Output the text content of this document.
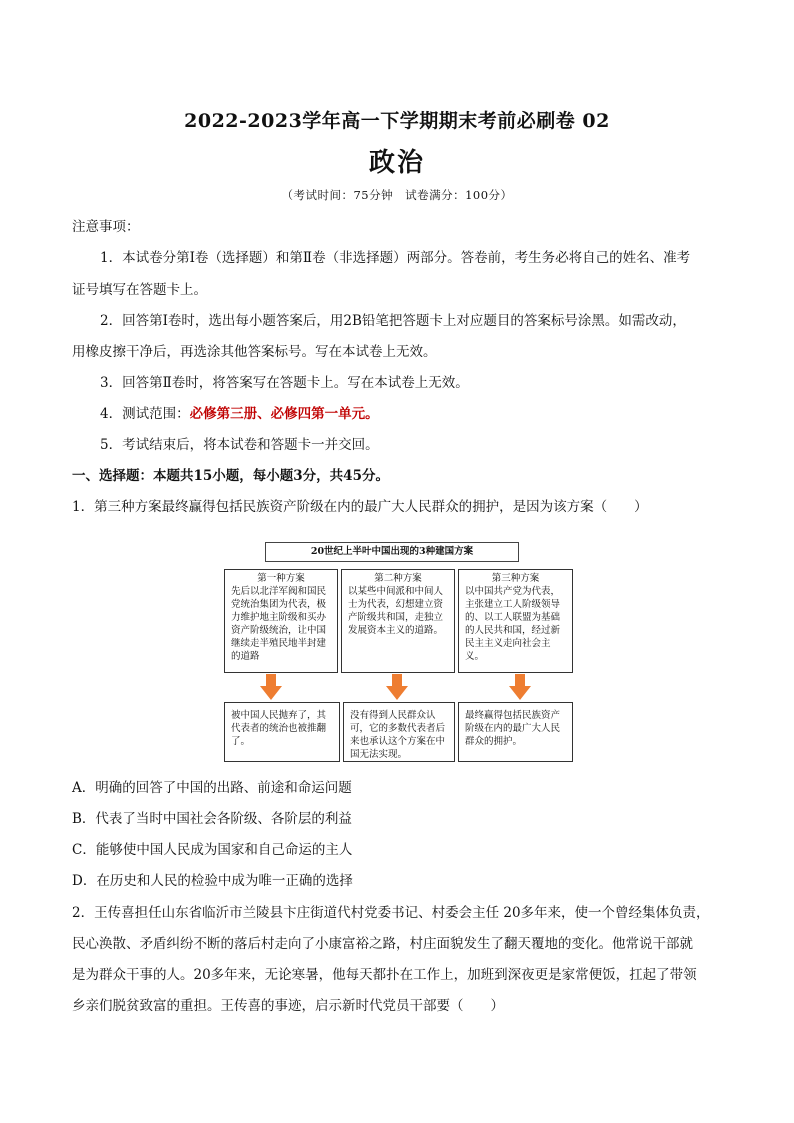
2022-2023学年高一下学期期末考前必刷卷 02
政治
（考试时间：75分钟　试卷满分：100分）
注意事项：
1．本试卷分第Ⅰ卷（选择题）和第Ⅱ卷（非选择题）两部分。答卷前，考生务必将自己的姓名、准考
证号填写在答题卡上。
2．回答第Ⅰ卷时，选出每小题答案后，用2B铅笔把答题卡上对应题目的答案标号涂黑。如需改动，
用橡皮擦干净后，再选涂其他答案标号。写在本试卷上无效。
3．回答第Ⅱ卷时，将答案写在答题卡上。写在本试卷上无效。
4．测试范围：必修第三册、必修四第一单元。
5．考试结束后，将本试卷和答题卡一并交回。
一、选择题：本题共15小题，每小题3分，共45分。
1．第三种方案最终赢得包括民族资产阶级在内的最广大人民群众的拥护，是因为该方案（　　）
20世纪上半叶中国出现的3种建国方案
第一种方案
先后以北洋军阀和国民党统治集团为代表，极力维护地主阶级和买办资产阶级统治，让中国继续走半殖民地半封建的道路
第二种方案
以某些中间派和中间人士为代表，幻想建立资产阶级共和国，走独立发展资本主义的道路。
第三种方案
以中国共产党为代表，主张建立工人阶级领导的、以工人联盟为基础的人民共和国，经过新民主主义走向社会主义。
被中国人民抛弃了，其代表者的统治也被推翻了。
没有得到人民群众认可，它的多数代表者后来也承认这个方案在中国无法实现。
最终赢得包括民族资产阶级在内的最广大人民群众的拥护。
A．明确的回答了中国的出路、前途和命运问题
B．代表了当时中国社会各阶级、各阶层的利益
C．能够使中国人民成为国家和自己命运的主人
D．在历史和人民的检验中成为唯一正确的选择
2．王传喜担任山东省临沂市兰陵县卞庄街道代村党委书记、村委会主任 20多年来，使一个曾经集体负责，
民心涣散、矛盾纠纷不断的落后村走向了小康富裕之路，村庄面貌发生了翻天覆地的变化。他常说干部就
是为群众干事的人。20多年来，无论寒暑，他每天都扑在工作上，加班到深夜更是家常便饭，扛起了带领
乡亲们脱贫致富的重担。王传喜的事迹，启示新时代党员干部要（　　）
